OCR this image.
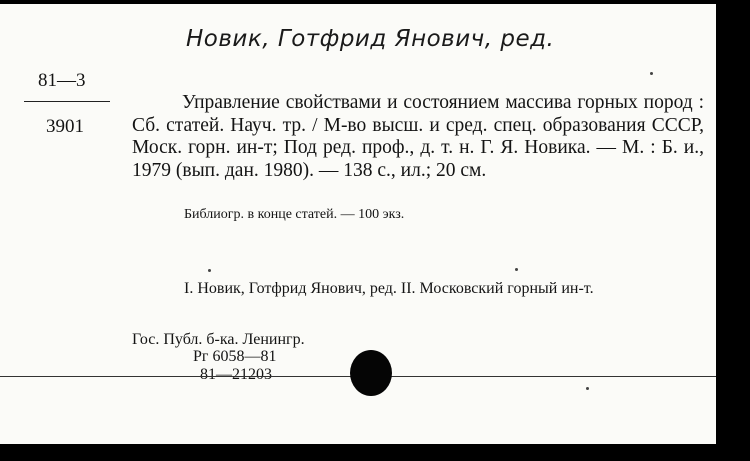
Новик, Готфрид Янович, ред.
81—3
3901

Управление свойствами и состоянием массива горных пород : Сб. статей. Науч. тр. / М-во высш. и сред. спец. образования СССР, Моск. горн. ин-т; Под ред. проф., д. т. н. Г. Я. Новика. — М. : Б. и., 1979 (вып. дан. 1980). — 138 с., ил.; 20 см.

Библиогр. в конце статей. — 100 экз.
I. Новик, Готфрид Янович, ред. II. Московский горный ин-т.
Гос. Публ. б-ка. Ленингр.
Рг 6058—81
81—21203
